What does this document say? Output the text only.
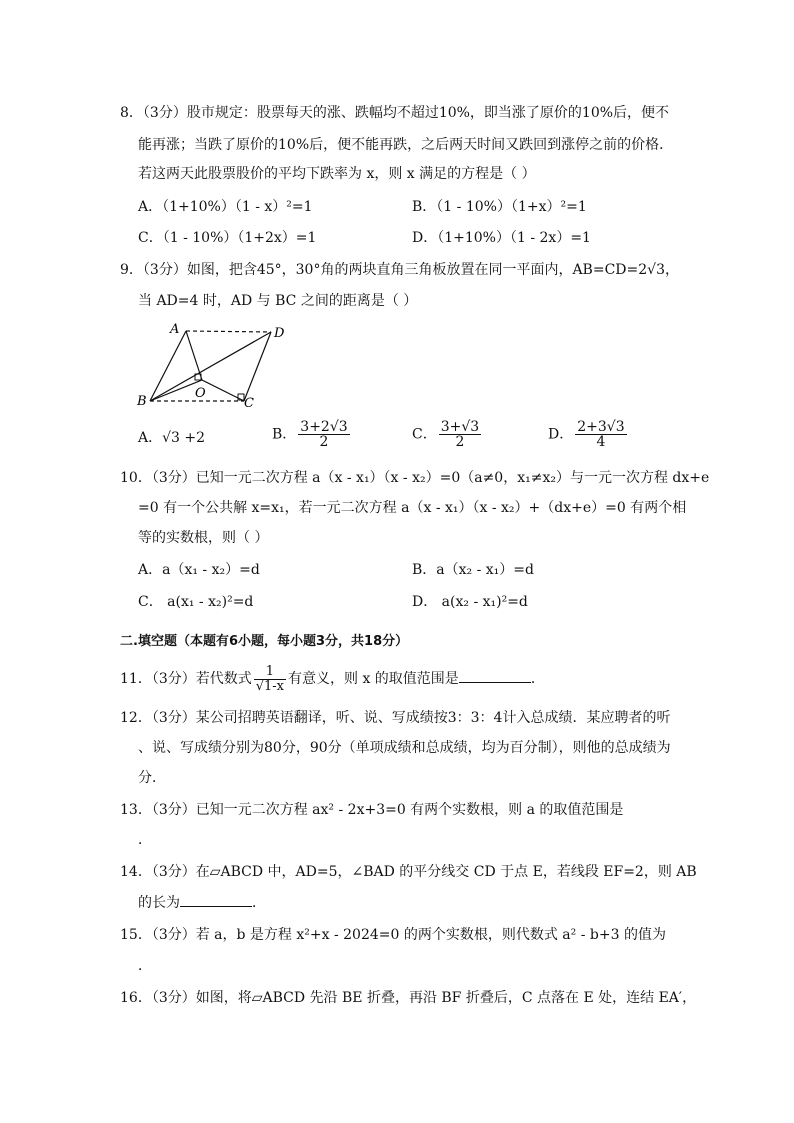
8．（3分）股市规定：股票每天的涨、跌幅均不超过10%，即当涨了原价的10%后，便不
能再涨；当跌了原价的10%后，便不能再跌，之后两天时间又跌回到涨停之前的价格．
若这两天此股票股价的平均下跌率为 x，则 x 满足的方程是（ ）
A．（1+10%）（1 - x）²=1	B．（1 - 10%）（1+x）²=1
C．（1 - 10%）（1+2x）=1	D．（1+10%）（1 - 2x）=1
9．（3分）如图，把含45°，30°角的两块直角三角板放置在同一平面内，AB=CD=2√3，
当 AD=4 时，AD 与 BC 之间的距离是（ ）
A	D
B	C
O
A．√3 +2	B． $\frac{3+2√3}{2}$	C． $\frac{3+√3}{2}$	D． $\frac{2+3√3}{4}$
10．（3分）已知一元二次方程 a（x - x₁）（x - x₂）=0（a≠0，x₁≠x₂）与一元一次方程 dx+e
=0 有一个公共解 x=x₁，若一元二次方程 a（x - x₁）（x - x₂）+（dx+e）=0 有两个相
等的实数根，则（ ）
A．a（x₁ - x₂）=d	B．a（x₂ - x₁）=d
C． a(x₁ - x₂)²=d	D． a(x₂ - x₁)²=d
二.填空题（本题有6小题，每小题3分，共18分）
11．（3分）若代数式 $\frac{1}{√1-x}$ 有意义，则 x 的取值范围是	．
12．（3分）某公司招聘英语翻译，听、说、写成绩按3：3：4计入总成绩．某应聘者的听
、说、写成绩分别为80分，90分（单项成绩和总成绩，均为百分制），则他的总成绩为
分．
13．（3分）已知一元二次方程 ax² - 2x+3=0 有两个实数根，则 a 的取值范围是
．
14．（3分）在▱ABCD 中，AD=5，∠BAD 的平分线交 CD 于点 E，若线段 EF=2，则 AB
的长为	．
15．（3分）若 a，b 是方程 x²+x - 2024=0 的两个实数根，则代数式 a² - b+3 的值为
．
16．（3分）如图，将▱ABCD 先沿 BE 折叠，再沿 BF 折叠后，C 点落在 E 处，连结 EA′，
